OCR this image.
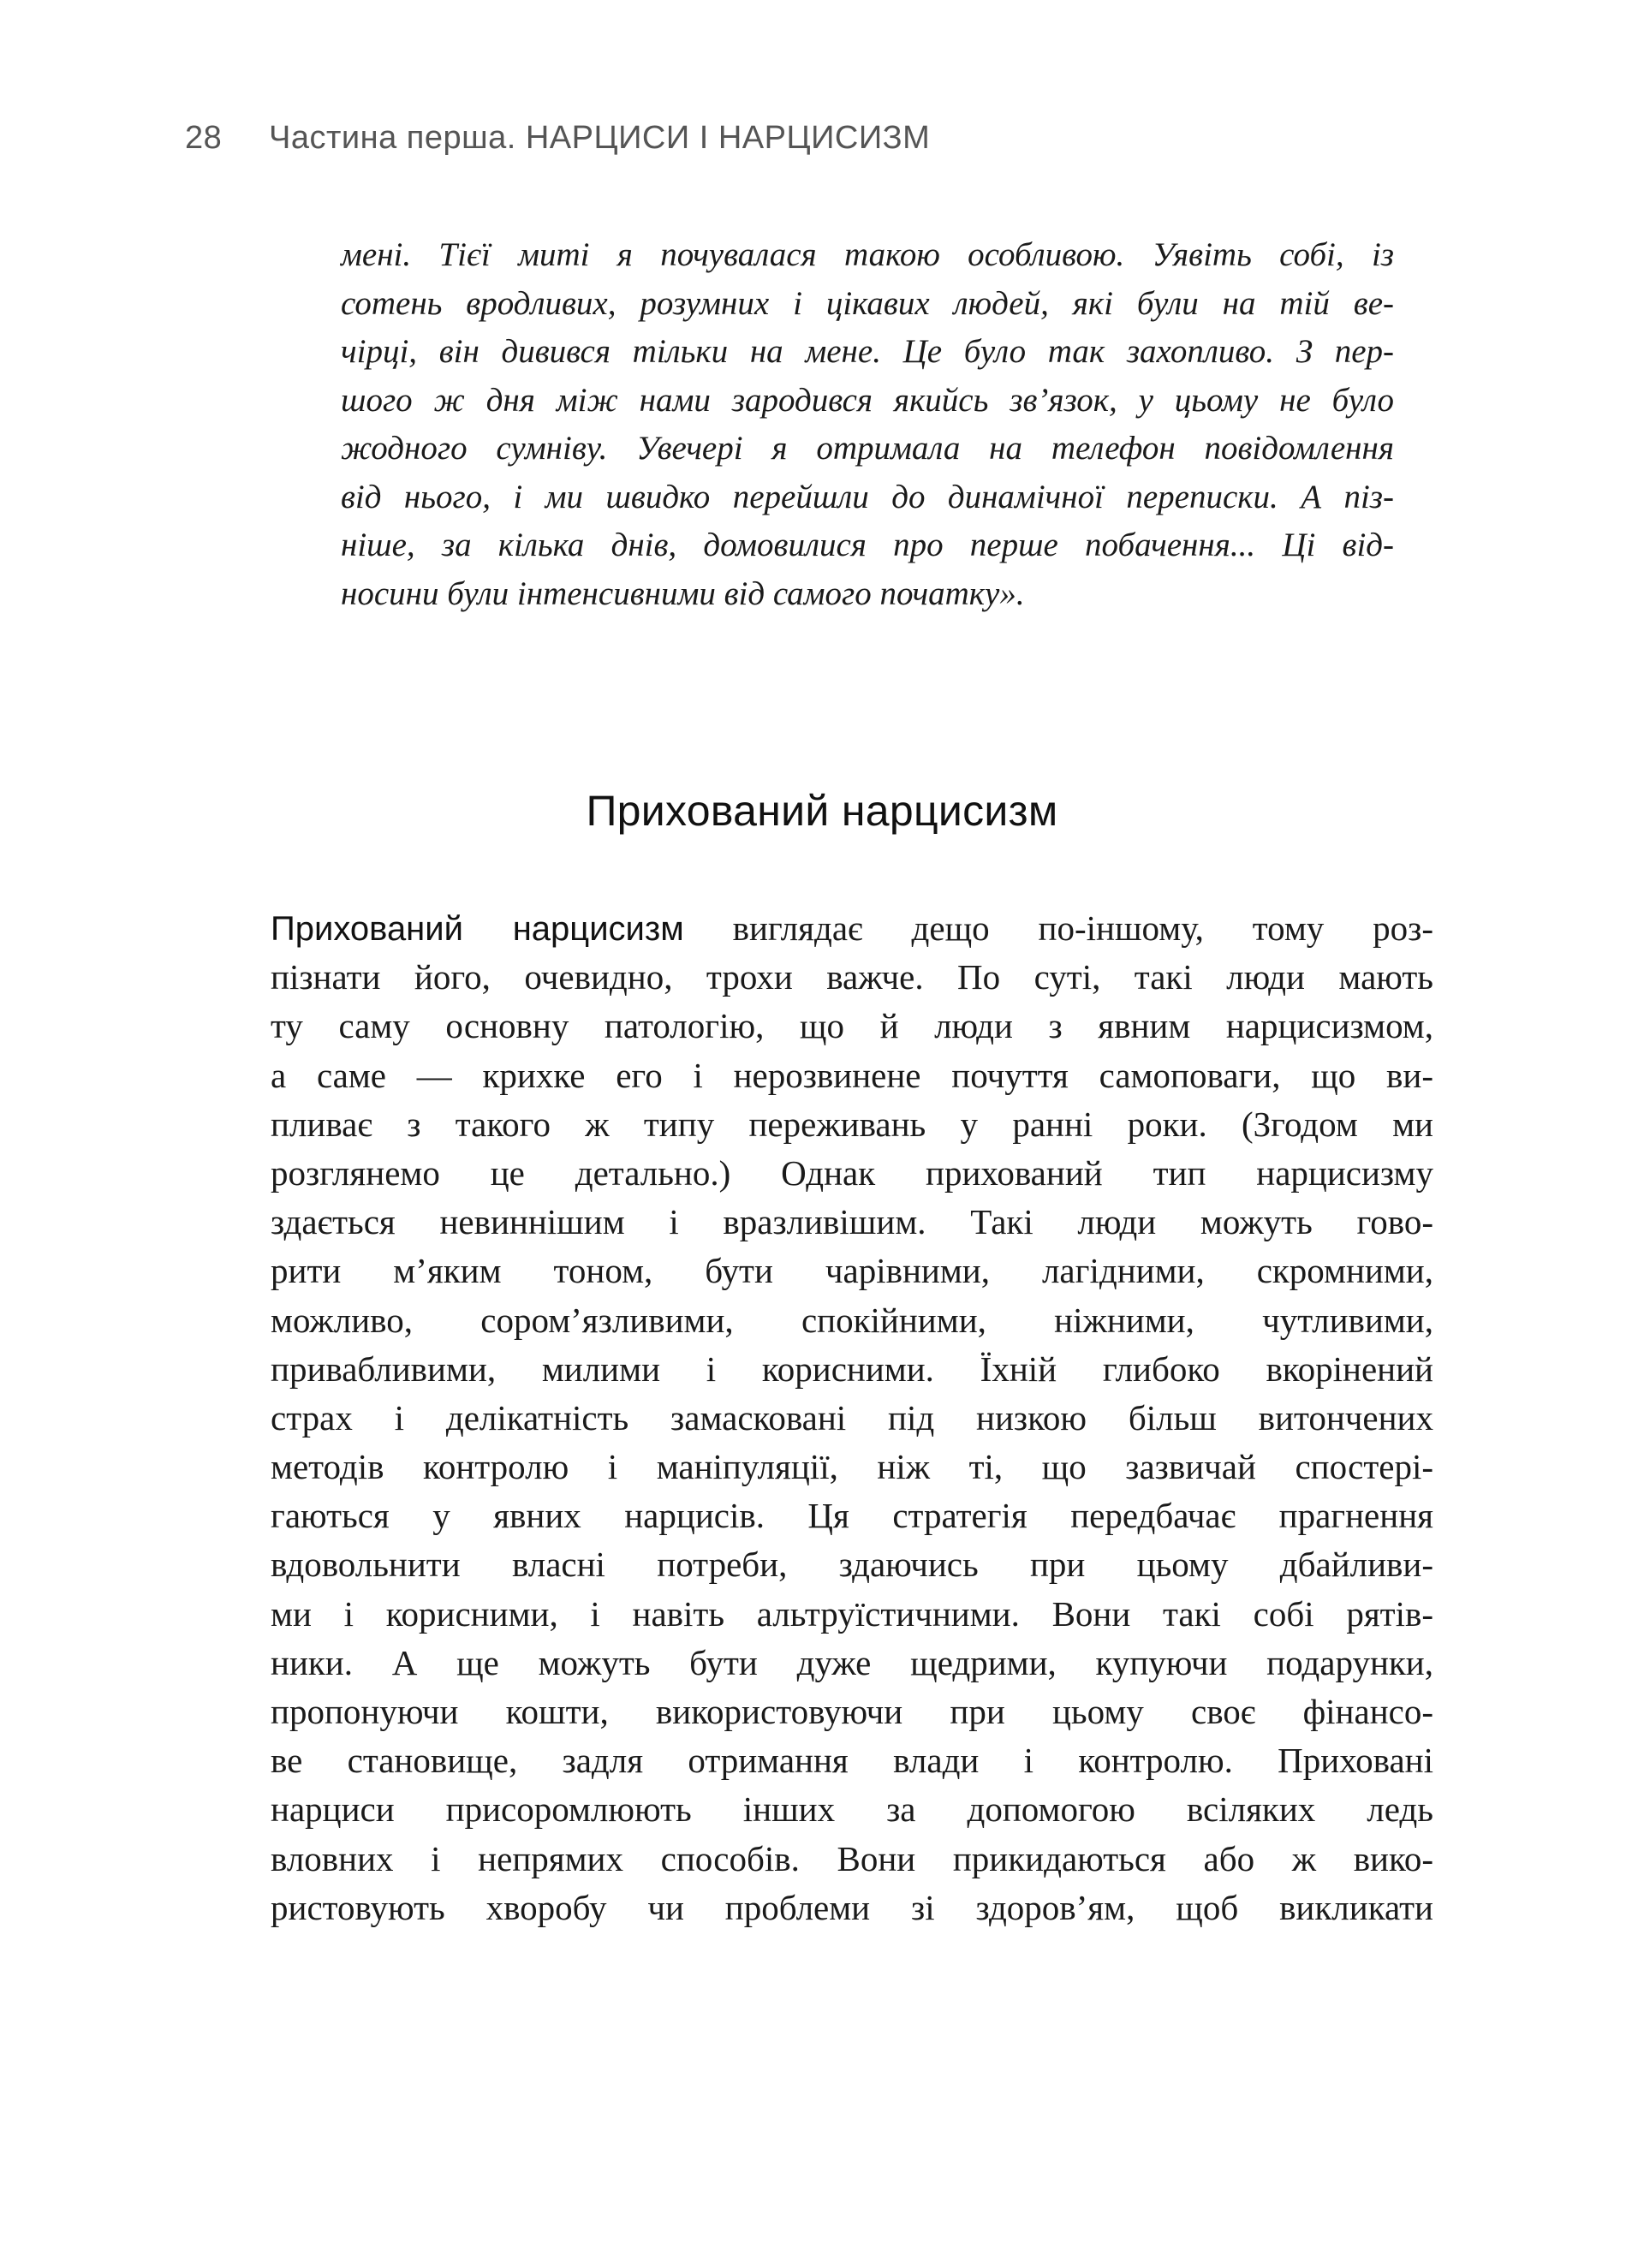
28 Частина перша. НАРЦИСИ І НАРЦИСИЗМ
мені. Тієї миті я почувалася такою особливою. Уявіть собі, із
сотень вродливих, розумних і цікавих людей, які були на тій ве-
чірці, він дивився тільки на мене. Це було так захопливо. З пер-
шого ж дня між нами зародився якийсь зв’язок, у цьому не було
жодного сумніву. Увечері я отримала на телефон повідомлення
від нього, і ми швидко перейшли до динамічної переписки. А піз-
ніше, за кілька днів, домовилися про перше побачення... Ці від-
носини були інтенсивними від самого початку».
Прихований нарцисизм
Прихований нарцисизм виглядає дещо по-іншому, тому роз-
пізнати його, очевидно, трохи важче. По суті, такі люди мають
ту саму основну патологію, що й люди з явним нарцисизмом,
а саме — крихке его і нерозвинене почуття самоповаги, що ви-
пливає з такого ж типу переживань у ранні роки. (Згодом ми
розглянемо це детально.) Однак прихований тип нарцисизму
здається невиннішим і вразливішим. Такі люди можуть гово-
рити м’яким тоном, бути чарівними, лагідними, скромними,
можливо, сором’язливими, спокійними, ніжними, чутливими,
привабливими, милими і корисними. Їхній глибоко вкорінений
страх і делікатність замасковані під низкою більш витончених
методів контролю і маніпуляції, ніж ті, що зазвичай спостері-
гаються у явних нарцисів. Ця стратегія передбачає прагнення
вдовольнити власні потреби, здаючись при цьому дбайливи-
ми і корисними, і навіть альтруїстичними. Вони такі собі рятів-
ники. А ще можуть бути дуже щедрими, купуючи подарунки,
пропонуючи кошти, використовуючи при цьому своє фінансо-
ве становище, задля отримання влади і контролю. Приховані
нарциси присоромлюють інших за допомогою всіляких ледь
вловних і непрямих способів. Вони прикидаються або ж вико-
ристовують хворобу чи проблеми зі здоров’ям, щоб викликати
